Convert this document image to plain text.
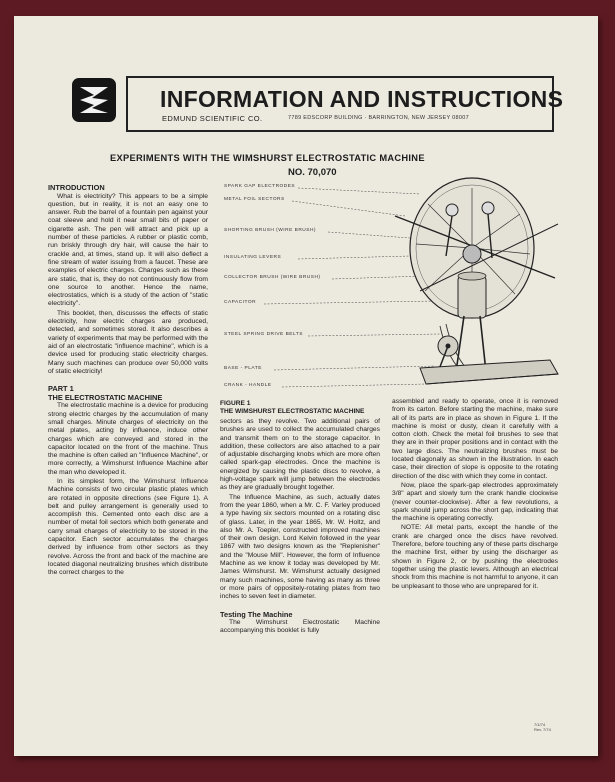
INFORMATION AND INSTRUCTIONS
EDMUND SCIENTIFIC CO.	7789 EDSCORP BUILDING · BARRINGTON, NEW JERSEY 08007
EXPERIMENTS WITH THE WIMSHURST ELECTROSTATIC MACHINE
NO. 70,070
INTRODUCTION

What is electricity? This appears to be a simple question, but in reality, it is not an easy one to answer. Rub the barrel of a fountain pen against your coat sleeve and hold it near small bits of paper or cigarette ash. The pen will attract and pick up a number of these particles. A rubber or plastic comb, run briskly through dry hair, will cause the hair to crackle and, at times, stand up. It will also deflect a fine stream of water issuing from a faucet. These are examples of electric charges. Charges such as these are static, that is, they do not continuously flow from one source to another. Hence the name, electrostatics, which is a study of the action of "static electricity".

This booklet, then, discusses the effects of static electricity, how electric charges are produced, detected, and sometimes stored. It also describes a variety of experiments that may be performed with the aid of an electrostatic "influence machine", which is a device used for producing static electricity charges. Many such machines can produce over 50,000 volts of static electricity!

PART 1
THE ELECTROSTATIC MACHINE

The electrostatic machine is a device for producing strong electric charges by the accumulation of many small charges. Minute charges of electricity on the metal plates, acting by influence, induce other charges which are conveyed and stored in the capacitor located on the front of the machine. Thus the machine is often called an "Influence Machine", or more correctly, a Wimshurst Influence Machine after the man who developed it.

In its simplest form, the Wimshurst Influence Machine consists of two circular plastic plates which are rotated in opposite directions (see Figure 1). A belt and pulley arrangement is generally used to accomplish this. Cemented onto each disc are a number of metal foil sectors which both generate and carry small charges of electricity to be stored in the capacitor. Each sector accumulates the charges derived by influence from other sectors as they revolve. Across the front and back of the machine are located diagonal neutralizing brushes which distribute the correct charges to the

SPARK GAP ELECTRODES
METAL FOIL SECTORS
SHORTING BRUSH (WIRE BRUSH)
INSULATING LEVERS
COLLECTOR BRUSH (WIRE BRUSH)
CAPACITOR
STEEL SPRING DRIVE BELTS
BASE - PLATE
CRANK - HANDLE
FIGURE 1
THE WIMSHURST ELECTROSTATIC MACHINE

sectors as they revolve. Two additional pairs of brushes are used to collect the accumulated charges and transmit them on to the storage capacitor. In addition, these collectors are also attached to a pair of adjustable discharging knobs which are more often called spark-gap electrodes. Once the machine is energized by causing the plastic discs to revolve, a high-voltage spark will jump between the electrodes as they are gradually brought together.

The Influence Machine, as such, actually dates from the year 1860, when a Mr. C. F. Varley produced a type having six sectors mounted on a rotating disc of glass. Later, in the year 1865, Mr. W. Holtz, and also Mr. A. Toepler, constructed improved machines of their own design. Lord Kelvin followed in the year 1867 with two designs known as the "Replenisher" and the "Mouse Mill". However, the form of Influence Machine as we know it today was developed by Mr. James Wimshurst. Mr. Wimshurst actually designed many such machines, some having as many as three or more pairs of oppositely-rotating plates from two inches to seven feet in diameter.

Testing The Machine

The Wimshurst Electrostatic Machine accompanying this booklet is fully

assembled and ready to operate, once it is removed from its carton. Before starting the machine, make sure all of its parts are in place as shown in Figure 1. If the machine is moist or dusty, clean it carefully with a cotton cloth. Check the metal foil brushes to see that they are in their proper positions and in contact with the two large discs. The neutralizing brushes must be located diagonally as shown in the illustration. In each case, their direction of slope is opposite to the rotating direction of the disc with which they come in contact.

Now, place the spark-gap electrodes approximately 3/8" apart and slowly turn the crank handle clockwise (never counter-clockwise). After a few revolutions, a spark should jump across the short gap, indicating that the machine is operating correctly.

NOTE: All metal parts, except the handle of the crank are charged once the discs have revolved. Therefore, before touching any of these parts discharge the machine first, either by using the discharger as shown in Figure 2, or by pushing the electrodes together using the plastic levers. Although an electrical shock from this machine is not harmful to anyone, it can be unpleasant to those who are unprepared for it.

7/1/74
Rev. 7/74
